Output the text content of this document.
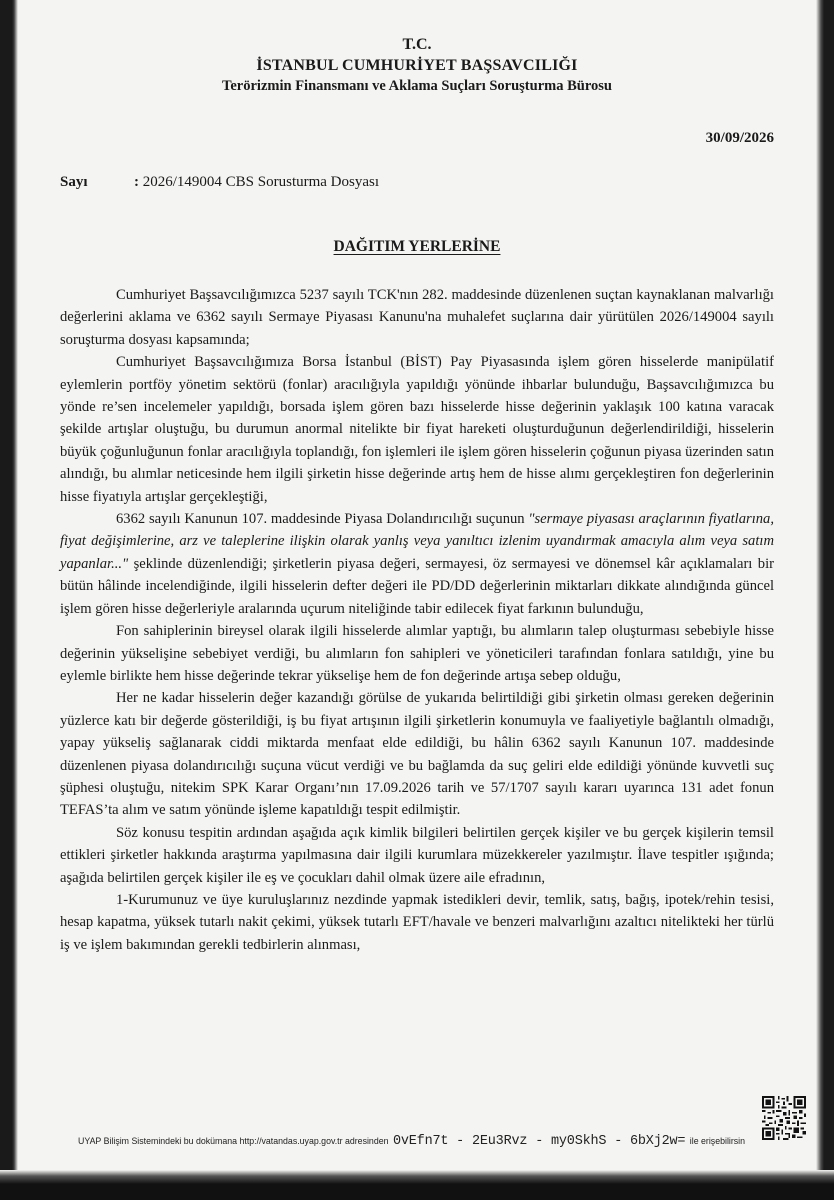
T.C.
İSTANBUL CUMHURİYET BAŞSAVCILIĞI
Terörizmin Finansmanı ve Aklama Suçları Soruşturma Bürosu
30/09/2026
Sayı	: 2026/149004 CBS Sorusturma Dosyası
DAĞITIM YERLERİNE

Cumhuriyet Başsavcılığımızca 5237 sayılı TCK'nın 282. maddesinde düzenlenen suçtan kaynaklanan malvarlığı değerlerini aklama ve 6362 sayılı Sermaye Piyasası Kanunu'na muhalefet suçlarına dair yürütülen 2026/149004 sayılı soruşturma dosyası kapsamında;

Cumhuriyet Başsavcılığımıza Borsa İstanbul (BİST) Pay Piyasasında işlem gören hisselerde manipülatif eylemlerin portföy yönetim sektörü (fonlar) aracılığıyla yapıldığı yönünde ihbarlar bulunduğu, Başsavcılığımızca bu yönde re’sen incelemeler yapıldığı, borsada işlem gören bazı hisselerde hisse değerinin yaklaşık 100 katına varacak şekilde artışlar oluştuğu, bu durumun anormal nitelikte bir fiyat hareketi oluşturduğunun değerlendirildiği, hisselerin büyük çoğunluğunun fonlar aracılığıyla toplandığı, fon işlemleri ile işlem gören hisselerin çoğunun piyasa üzerinden satın alındığı, bu alımlar neticesinde hem ilgili şirketin hisse değerinde artış hem de hisse alımı gerçekleştiren fon değerlerinin hisse fiyatıyla artışlar gerçekleştiği,

6362 sayılı Kanunun 107. maddesinde Piyasa Dolandırıcılığı suçunun "sermaye piyasası araçlarının fiyatlarına, fiyat değişimlerine, arz ve taleplerine ilişkin olarak yanlış veya yanıltıcı izlenim uyandırmak amacıyla alım veya satım yapanlar..." şeklinde düzenlendiği; şirketlerin piyasa değeri, sermayesi, öz sermayesi ve dönemsel kâr açıklamaları bir bütün hâlinde incelendiğinde, ilgili hisselerin defter değeri ile PD/DD değerlerinin miktarları dikkate alındığında güncel işlem gören hisse değerleriyle aralarında uçurum niteliğinde tabir edilecek fiyat farkının bulunduğu,

Fon sahiplerinin bireysel olarak ilgili hisselerde alımlar yaptığı, bu alımların talep oluşturması sebebiyle hisse değerinin yükselişine sebebiyet verdiği, bu alımların fon sahipleri ve yöneticileri tarafından fonlara satıldığı, yine bu eylemle birlikte hem hisse değerinde tekrar yükselişe hem de fon değerinde artışa sebep olduğu,

Her ne kadar hisselerin değer kazandığı görülse de yukarıda belirtildiği gibi şirketin olması gereken değerinin yüzlerce katı bir değerde gösterildiği, iş bu fiyat artışının ilgili şirketlerin konumuyla ve faaliyetiyle bağlantılı olmadığı, yapay yükseliş sağlanarak ciddi miktarda menfaat elde edildiği, bu hâlin 6362 sayılı Kanunun 107. maddesinde düzenlenen piyasa dolandırıcılığı suçuna vücut verdiği ve bu bağlamda da suç geliri elde edildiği yönünde kuvvetli suç şüphesi oluştuğu, nitekim SPK Karar Organı’nın 17.09.2026 tarih ve 57/1707 sayılı kararı uyarınca 131 adet fonun TEFAS’ta alım ve satım yönünde işleme kapatıldığı tespit edilmiştir.

Söz konusu tespitin ardından aşağıda açık kimlik bilgileri belirtilen gerçek kişiler ve bu gerçek kişilerin temsil ettikleri şirketler hakkında araştırma yapılmasına dair ilgili kurumlara müzekkereler yazılmıştır. İlave tespitler ışığında; aşağıda belirtilen gerçek kişiler ile eş ve çocukları dahil olmak üzere aile efradının,

1-Kurumunuz ve üye kuruluşlarınız nezdinde yapmak istedikleri devir, temlik, satış, bağış, ipotek/rehin tesisi, hesap kapatma, yüksek tutarlı nakit çekimi, yüksek tutarlı EFT/havale ve benzeri malvarlığını azaltıcı nitelikteki her türlü iş ve işlem bakımından gerekli tedbirlerin alınması,

UYAP Bilişim Sistemindeki bu dokümana http://vatandas.uyap.gov.tr adresinden 0vEfn7t - 2Eu3Rvz - my0SkhS - 6bXj2w= ile erişebilirsin
